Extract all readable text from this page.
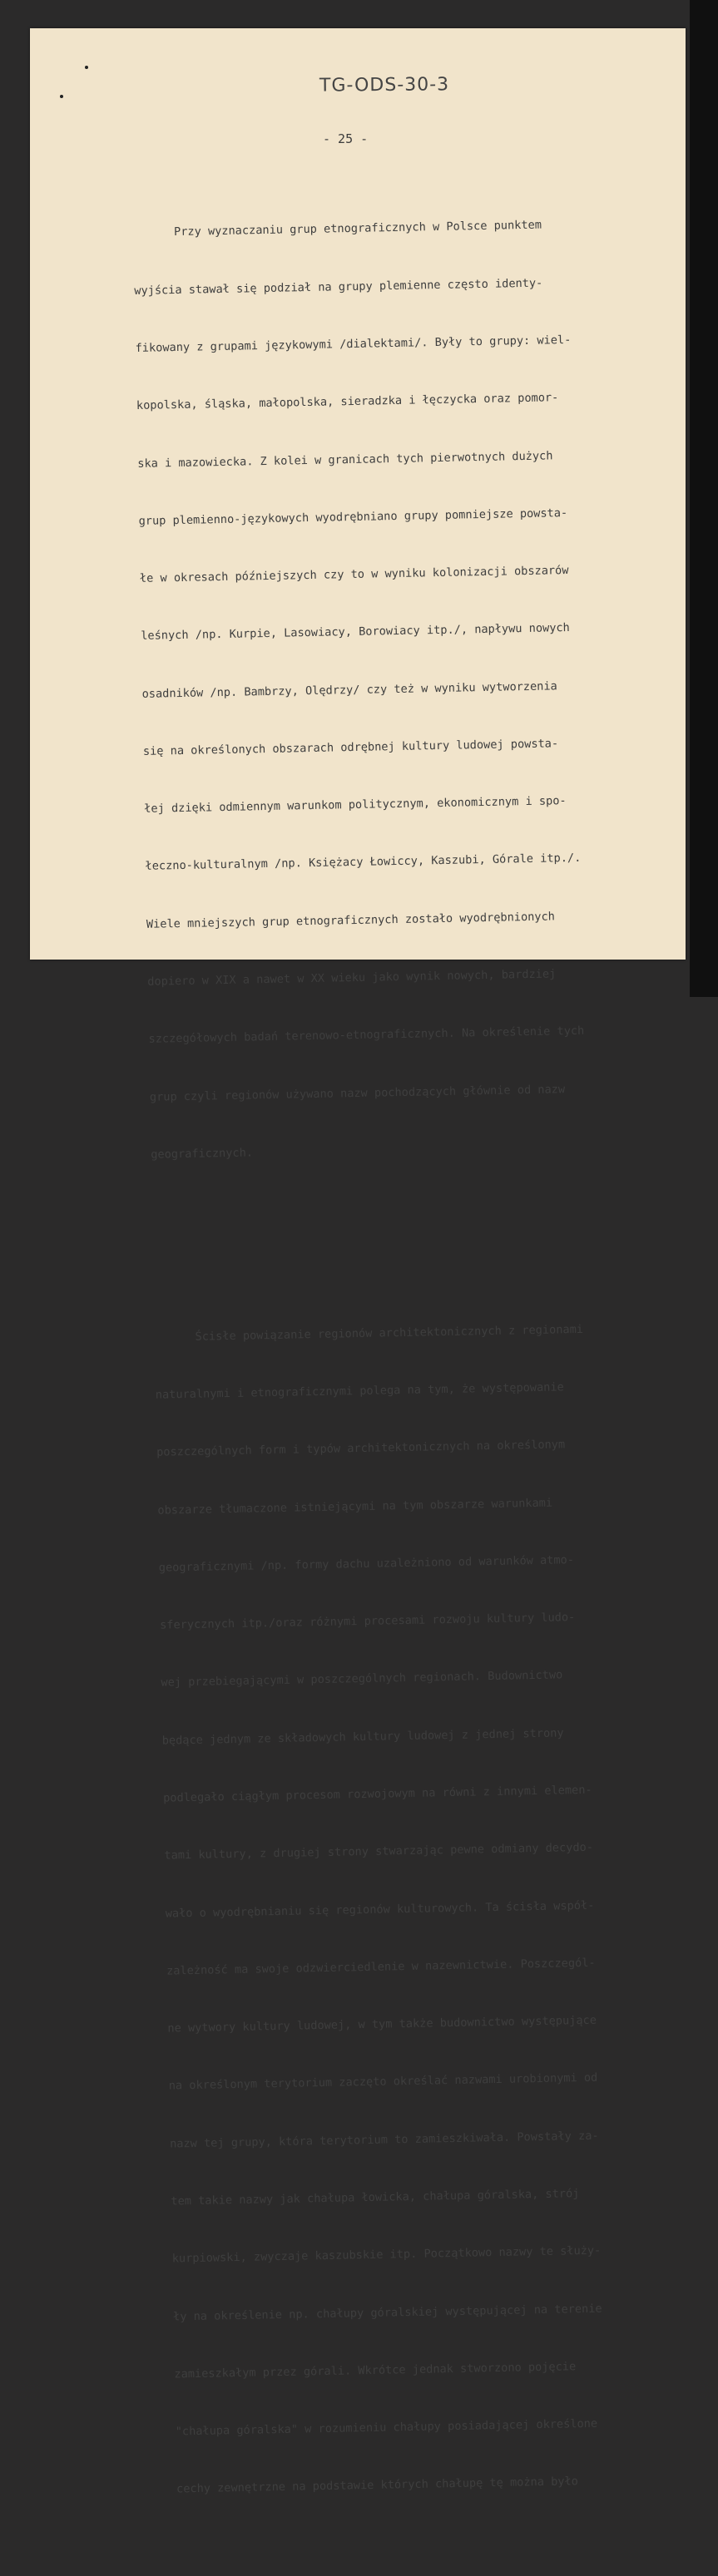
TG-ODS-30-3
- 25 -

Przy wyznaczaniu grup etnograficznych w Polsce punktem

wyjścia stawał się podział na grupy plemienne często identy-

fikowany z grupami językowymi /dialektami/. Były to grupy: wiel-

kopolska, śląska, małopolska, sieradzka i łęczycka oraz pomor-

ska i mazowiecka. Z kolei w granicach tych pierwotnych dużych

grup plemienno-językowych wyodrębniano grupy pomniejsze powsta-

łe w okresach późniejszych czy to w wyniku kolonizacji obszarów

leśnych /np. Kurpie, Lasowiacy, Borowiacy itp./, napływu nowych

osadników /np. Bambrzy, Olędrzy/ czy też w wyniku wytworzenia

się na określonych obszarach odrębnej kultury ludowej powsta-

łej dzięki odmiennym warunkom politycznym, ekonomicznym i spo-

łeczno-kulturalnym /np. Księżacy Łowiccy, Kaszubi, Górale itp./.

Wiele mniejszych grup etnograficznych zostało wyodrębnionych

dopiero w XIX a nawet w XX wieku jako wynik nowych, bardziej

szczegółowych badań terenowo-etnograficznych. Na określenie tych

grup czyli regionów używano nazw pochodzących głównie od nazw

geograficznych.

Ścisłe powiązanie regionów architektonicznych z regionami

naturalnymi i etnograficznymi polega na tym, że występowanie

poszczególnych form i typów architektonicznych na określonym

obszarze tłumaczone istniejącymi na tym obszarze warunkami

geograficznymi /np. formy dachu uzależniono od warunków atmo-

sferycznych itp./oraz różnymi procesami rozwoju kultury ludo-

wej przebiegającymi w poszczególnych regionach. Budownictwo

będące jednym ze składowych kultury ludowej z jednej strony

podlegało ciągłym procesom rozwojowym na równi z innymi elemen-

tami kultury, z drugiej strony stwarzając pewne odmiany decydo-

wało o wyodrębnianiu się regionów kulturowych. Ta ścisła współ-

zależność ma swoje odzwierciedlenie w nazewnictwie. Poszczegól-

ne wytwory kultury ludowej, w tym także budownictwo występujące

na określonym terytorium zaczęto określać nazwami urobionymi od

nazw tej grupy, która terytorium to zamieszkiwała. Powstały za-

tem takie nazwy jak chałupa łowicka, chałupa góralska, strój

kurpiowski, zwyczaje kaszubskie itp. Początkowo nazwy te służy-

ły na określenie np. chałupy góralskiej występującej na terenie

zamieszkałym przez górali. Wkrótce jednak stworzono pojęcie

"chałupa góralska" w rozumieniu chałupy posiadającej określone

cechy zewnętrzne na podstawie których chałupę tę można było
